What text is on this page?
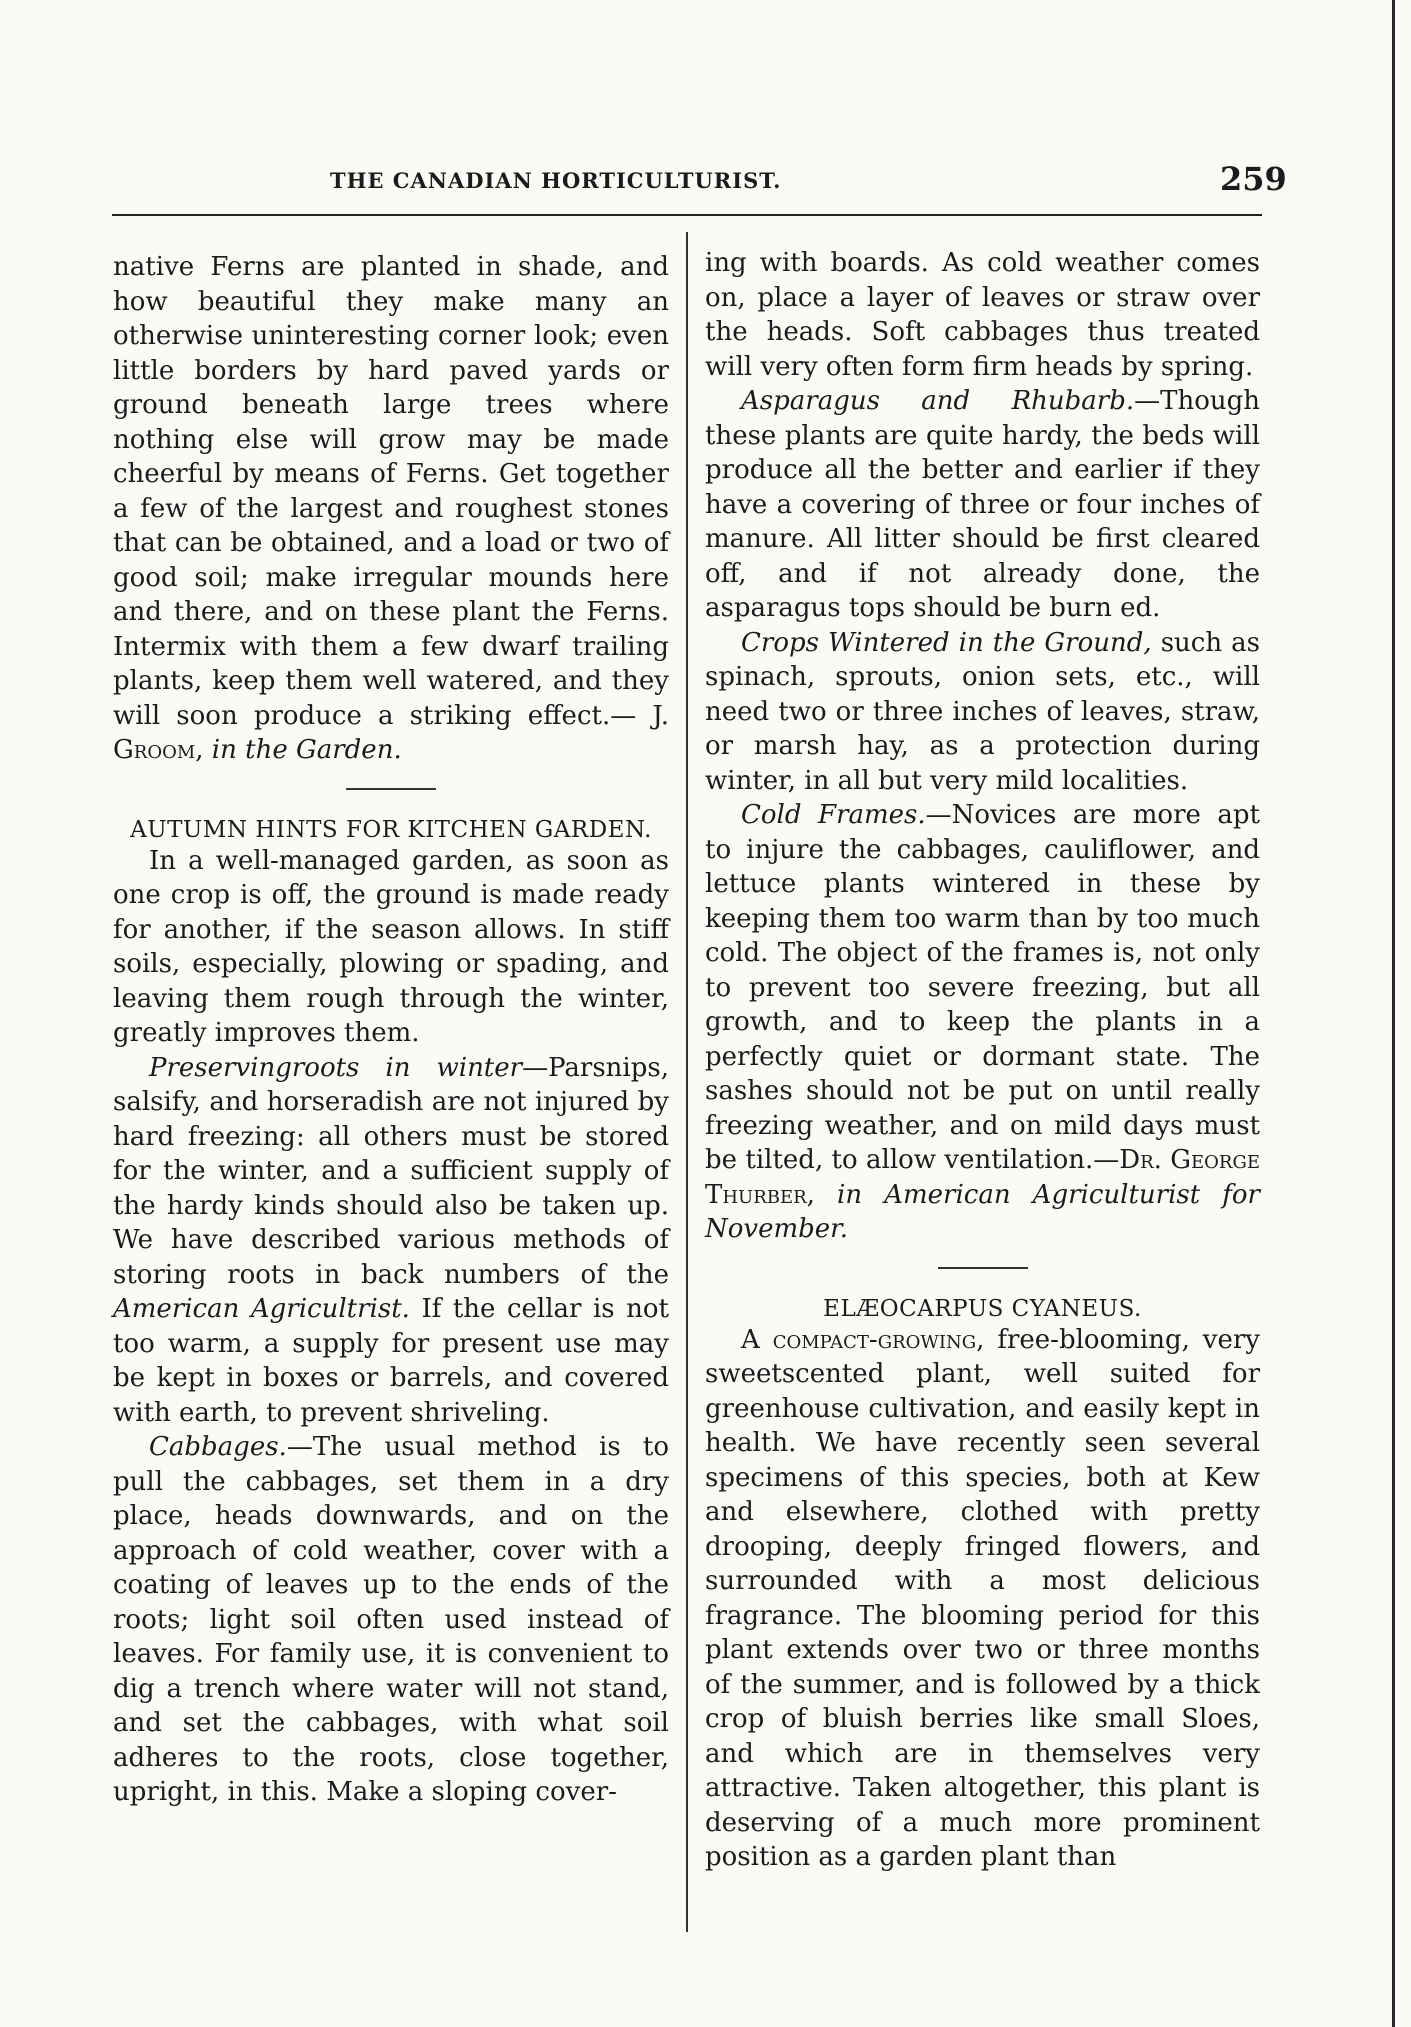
THE CANADIAN HORTICULTURIST.	259

native Ferns are planted in shade, and how beautiful they make many an otherwise uninteresting corner look; even little borders by hard paved yards or ground beneath large trees where nothing else will grow may be made cheerful by means of Ferns. Get together a few of the largest and roughest stones that can be obtained, and a load or two of good soil; make irregular mounds here and there, and on these plant the Ferns. Intermix with them a few dwarf trailing plants, keep them well watered, and they will soon produce a striking effect.— J. Groom, in the Garden.

AUTUMN HINTS FOR KITCHEN GARDEN.

In a well-managed garden, as soon as one crop is off, the ground is made ready for another, if the season allows. In stiff soils, especially, plowing or spading, and leaving them rough through the winter, greatly improves them.

Preservingroots in winter—Parsnips, salsify, and horseradish are not injured by hard freezing: all others must be stored for the winter, and a sufficient supply of the hardy kinds should also be taken up. We have described various methods of storing roots in back numbers of the American Agricultrist. If the cellar is not too warm, a supply for present use may be kept in boxes or barrels, and covered with earth, to prevent shriveling.

Cabbages.—The usual method is to pull the cabbages, set them in a dry place, heads downwards, and on the approach of cold weather, cover with a coating of leaves up to the ends of the roots; light soil often used instead of leaves. For family use, it is convenient to dig a trench where water will not stand, and set the cabbages, with what soil adheres to the roots, close together, upright, in this. Make a sloping cover-

ing with boards. As cold weather comes on, place a layer of leaves or straw over the heads. Soft cabbages thus treated will very often form firm heads by spring.

Asparagus and Rhubarb.—Though these plants are quite hardy, the beds will produce all the better and earlier if they have a covering of three or four inches of manure. All litter should be first cleared off, and if not already done, the asparagus tops should be burn ed.

Crops Wintered in the Ground, such as spinach, sprouts, onion sets, etc., will need two or three inches of leaves, straw, or marsh hay, as a protection during winter, in all but very mild localities.

Cold Frames.—Novices are more apt to injure the cabbages, cauliflower, and lettuce plants wintered in these by keeping them too warm than by too much cold. The object of the frames is, not only to prevent too severe freezing, but all growth, and to keep the plants in a perfectly quiet or dormant state. The sashes should not be put on until really freezing weather, and on mild days must be tilted, to allow ventilation.—Dr. George Thurber, in American Agriculturist for November.

ELÆOCARPUS CYANEUS.

A compact-growing, free-blooming, very sweetscented plant, well suited for greenhouse cultivation, and easily kept in health. We have recently seen several specimens of this species, both at Kew and elsewhere, clothed with pretty drooping, deeply fringed flowers, and surrounded with a most delicious fragrance. The blooming period for this plant extends over two or three months of the summer, and is followed by a thick crop of bluish berries like small Sloes, and which are in themselves very attractive. Taken altogether, this plant is deserving of a much more prominent position as a garden plant than
